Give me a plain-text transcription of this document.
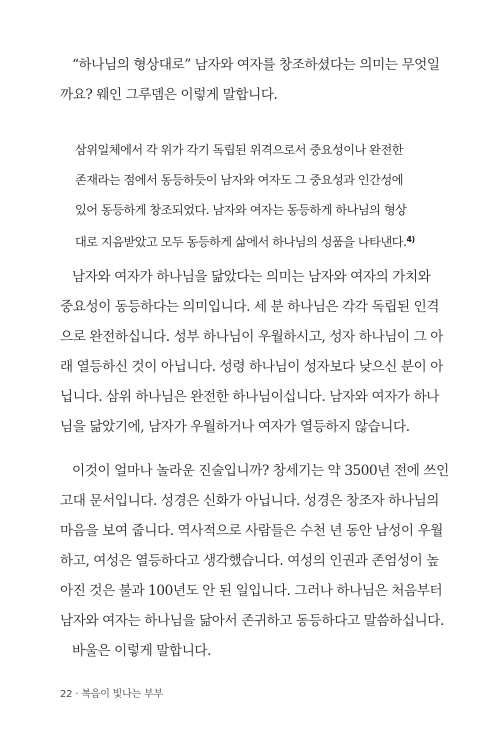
“하나님의 형상대로” 남자와 여자를 창조하셨다는 의미는 무엇일
까요? 웨인 그루뎀은 이렇게 말합니다.
삼위일체에서 각 위가 각기 독립된 위격으로서 중요성이나 완전한
존재라는 점에서 동등하듯이 남자와 여자도 그 중요성과 인간성에
있어 동등하게 창조되었다. 남자와 여자는 동등하게 하나님의 형상
대로 지음받았고 모두 동등하게 삶에서 하나님의 성품을 나타낸다.$^{4)}$
남자와 여자가 하나님을 닮았다는 의미는 남자와 여자의 가치와
중요성이 동등하다는 의미입니다. 세 분 하나님은 각각 독립된 인격
으로 완전하십니다. 성부 하나님이 우월하시고, 성자 하나님이 그 아
래 열등하신 것이 아닙니다. 성령 하나님이 성자보다 낮으신 분이 아
닙니다. 삼위 하나님은 완전한 하나님이십니다. 남자와 여자가 하나
님을 닮았기에, 남자가 우월하거나 여자가 열등하지 않습니다.
이것이 얼마나 놀라운 진술입니까? 창세기는 약 3500년 전에 쓰인
고대 문서입니다. 성경은 신화가 아닙니다. 성경은 창조자 하나님의
마음을 보여 줍니다. 역사적으로 사람들은 수천 년 동안 남성이 우월
하고, 여성은 열등하다고 생각했습니다. 여성의 인권과 존엄성이 높
아진 것은 불과 100년도 안 된 일입니다. 그러나 하나님은 처음부터
남자와 여자는 하나님을 닮아서 존귀하고 동등하다고 말씀하십니다.
바울은 이렇게 말합니다.
22 · 복음이 빛나는 부부
